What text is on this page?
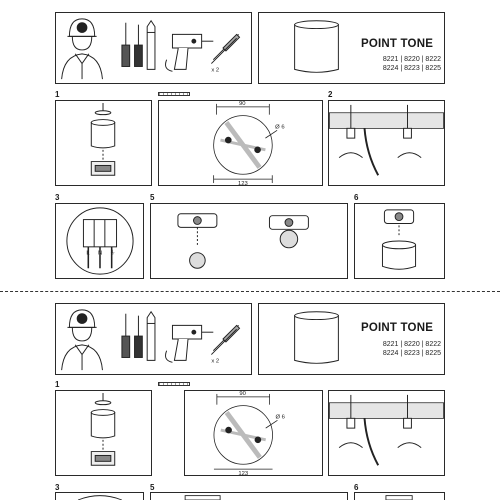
x 2
POINT TONE
8221 | 8220 | 8222
8224 | 8223 | 8225
1
90
123
Ø 6
2
3
L N ⏚
5	6
x 2
POINT TONE
8221 | 8220 | 8222
8224 | 8223 | 8225
1
90
123
Ø 6
3	5	6
